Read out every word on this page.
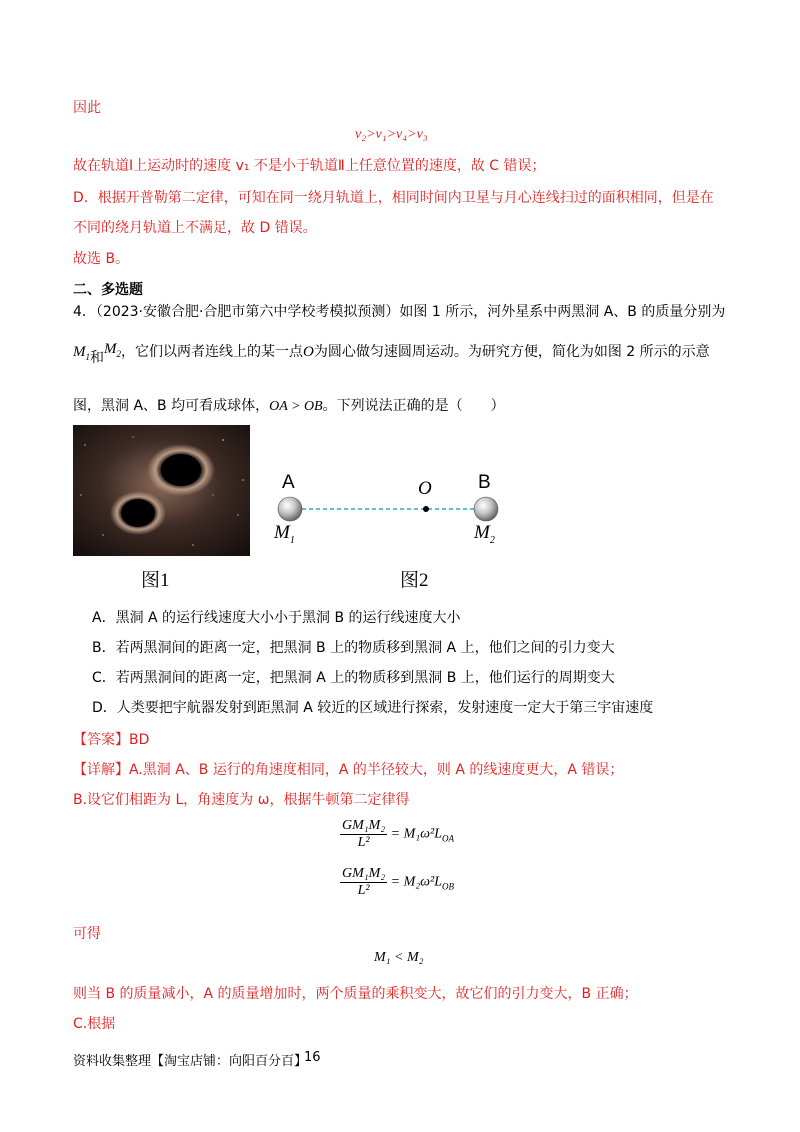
因此
v₂>v₁>v₄>v₃
故在轨道Ⅰ上运动时的速度 v₁ 不是小于轨道Ⅱ上任意位置的速度，故 C 错误；
D．根据开普勒第二定律，可知在同一绕月轨道上，相同时间内卫星与月心连线扫过的面积相同，但是在
不同的绕月轨道上不满足，故 D 错误。
故选 B。
二、多选题
4．（2023·安徽合肥·合肥市第六中学校考模拟预测）如图 1 所示，河外星系中两黑洞 A、B 的质量分别为
$M_1$和$M_2$，它们以两者连线上的某一点O为圆心做匀速圆周运动。为研究方便，简化为如图 2 所示的示意
图，黑洞 A、B 均可看成球体，OA > OB。下列说法正确的是（　　）
图1
A	O B
$M_1$	$M_2$
图2
A．黑洞 A 的运行线速度大小小于黑洞 B 的运行线速度大小
B．若两黑洞间的距离一定，把黑洞 B 上的物质移到黑洞 A 上，他们之间的引力变大
C．若两黑洞间的距离一定，把黑洞 A 上的物质移到黑洞 B 上，他们运行的周期变大
D．人类要把宇航器发射到距黑洞 A 较近的区域进行探索，发射速度一定大于第三宇宙速度
【答案】BD
【详解】A.黑洞 A、B 运行的角速度相同，A 的半径较大，则 A 的线速度更大，A 错误；
B.设它们相距为 L，角速度为 ω，根据牛顿第二定律得
$\frac{\text{GM₁M₂}}{\text{L²}} = M_1\omega^2L_{OA}$
$\frac{\text{GM₁M₂}}{\text{L²}} = M_2\omega^2L_{OB}$
可得
M₁ < M₂
则当 B 的质量减小，A 的质量增加时，两个质量的乘积变大，故它们的引力变大，B 正确；
C.根据
资料收集整理【淘宝店铺：向阳百分百】
16
